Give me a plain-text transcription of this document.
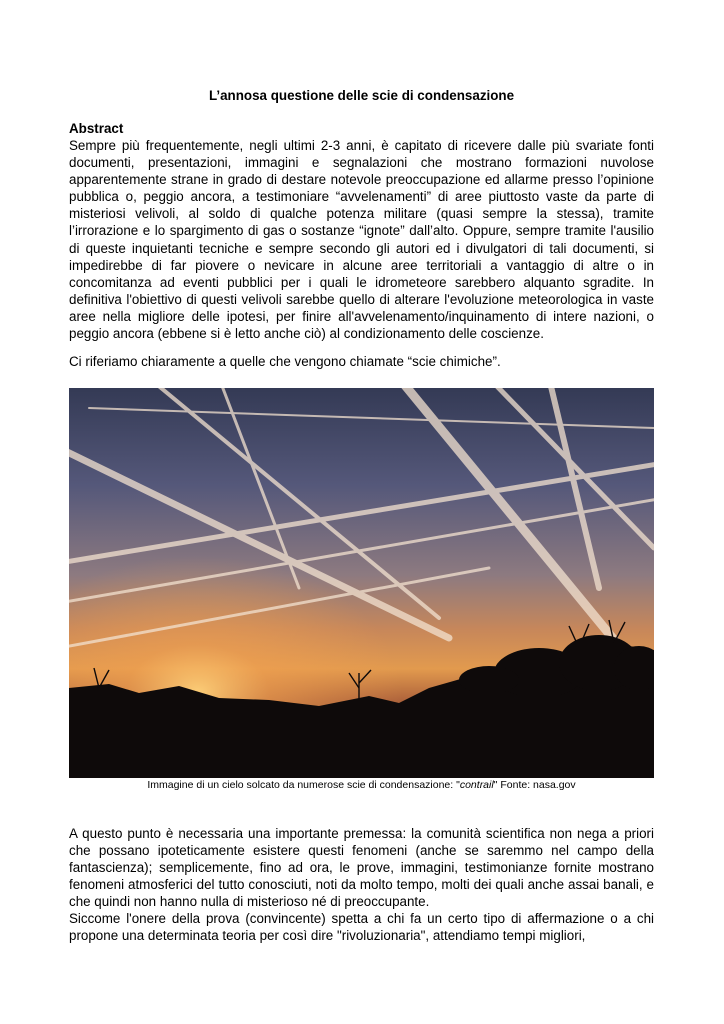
L’annosa questione delle scie di condensazione
Abstract
Sempre più frequentemente, negli ultimi 2-3 anni, è capitato di ricevere dalle più svariate fonti documenti, presentazioni, immagini e segnalazioni che mostrano formazioni nuvolose apparentemente strane in grado di destare notevole preoccupazione ed allarme presso l’opinione pubblica o, peggio ancora, a testimoniare “avvelenamenti” di aree piuttosto vaste da parte di misteriosi velivoli, al soldo di qualche potenza militare (quasi sempre la stessa), tramite l’irrorazione e lo spargimento di gas o sostanze “ignote” dall’alto. Oppure, sempre tramite l'ausilio di queste inquietanti tecniche e sempre secondo gli autori ed i divulgatori di tali documenti, si impedirebbe di far piovere o nevicare in alcune aree territoriali a vantaggio di altre o in concomitanza ad eventi pubblici per i quali le idrometeore sarebbero alquanto sgradite. In definitiva l'obiettivo di questi velivoli sarebbe quello di alterare l'evoluzione meteorologica in vaste aree nella migliore delle ipotesi, per finire all'avvelenamento/inquinamento di intere nazioni, o peggio ancora (ebbene si è letto anche ciò) al condizionamento delle coscienze.
Ci riferiamo chiaramente a quelle che vengono chiamate “scie chimiche”.
Immagine di un cielo solcato da numerose scie di condensazione: "contrail" Fonte: nasa.gov
A questo punto è necessaria una importante premessa: la comunità scientifica non nega a priori che possano ipoteticamente esistere questi fenomeni (anche se saremmo nel campo della fantascienza); semplicemente, fino ad ora, le prove, immagini, testimonianze fornite mostrano fenomeni atmosferici del tutto conosciuti, noti da molto tempo, molti dei quali anche assai banali, e che quindi non hanno nulla di misterioso né di preoccupante.
Siccome l'onere della prova (convincente) spetta a chi fa un certo tipo di affermazione o a chi propone una determinata teoria per così dire "rivoluzionaria", attendiamo tempi migliori,
